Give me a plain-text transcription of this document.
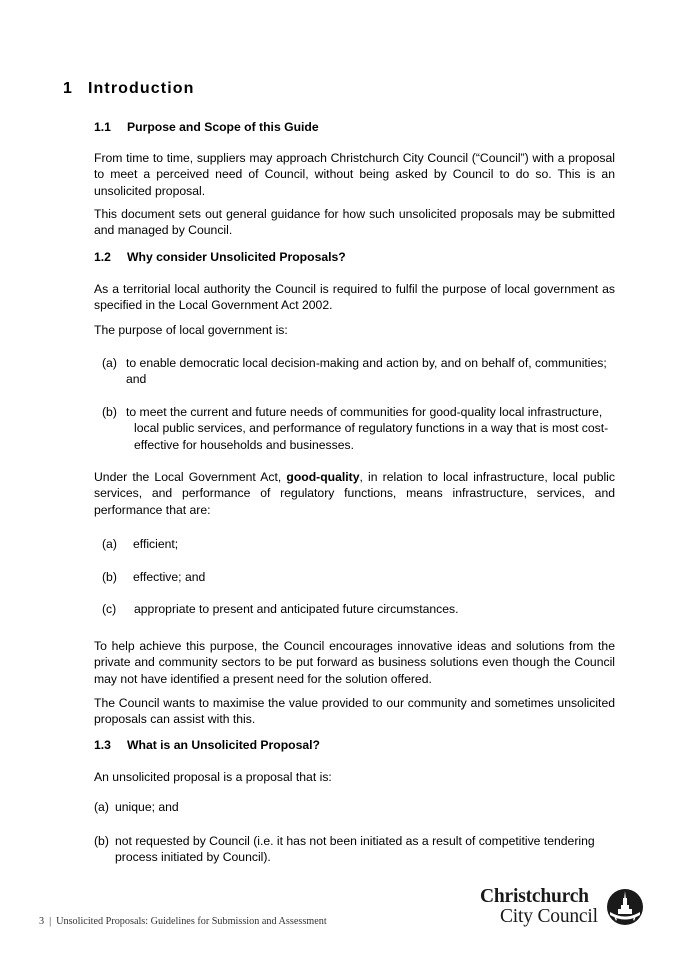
1 Introduction
1.1 Purpose and Scope of this Guide
From time to time, suppliers may approach Christchurch City Council (“Council”) with a proposal to meet a perceived need of Council, without being asked by Council to do so. This is an unsolicited proposal.
This document sets out general guidance for how such unsolicited proposals may be submitted and managed by Council.
1.2 Why consider Unsolicited Proposals?
As a territorial local authority the Council is required to fulfil the purpose of local government as specified in the Local Government Act 2002.
The purpose of local government is:
(a) to enable democratic local decision-making and action by, and on behalf of, communities;
and
(b) to meet the current and future needs of communities for good-quality local infrastructure,
local public services, and performance of regulatory functions in a way that is most cost-
effective for households and businesses.
Under the Local Government Act, good-quality, in relation to local infrastructure, local public services, and performance of regulatory functions, means infrastructure, services, and performance that are:
(a) efficient;
(b) effective; and
(c) appropriate to present and anticipated future circumstances.
To help achieve this purpose, the Council encourages innovative ideas and solutions from the private and community sectors to be put forward as business solutions even though the Council may not have identified a present need for the solution offered.
The Council wants to maximise the value provided to our community and sometimes unsolicited proposals can assist with this.
1.3 What is an Unsolicited Proposal?
An unsolicited proposal is a proposal that is:
(a) unique; and
(b) not requested by Council (i.e. it has not been initiated as a result of competitive tendering
process initiated by Council).
3 | Unsolicited Proposals: Guidelines for Submission and Assessment
Christchurch
City Council
